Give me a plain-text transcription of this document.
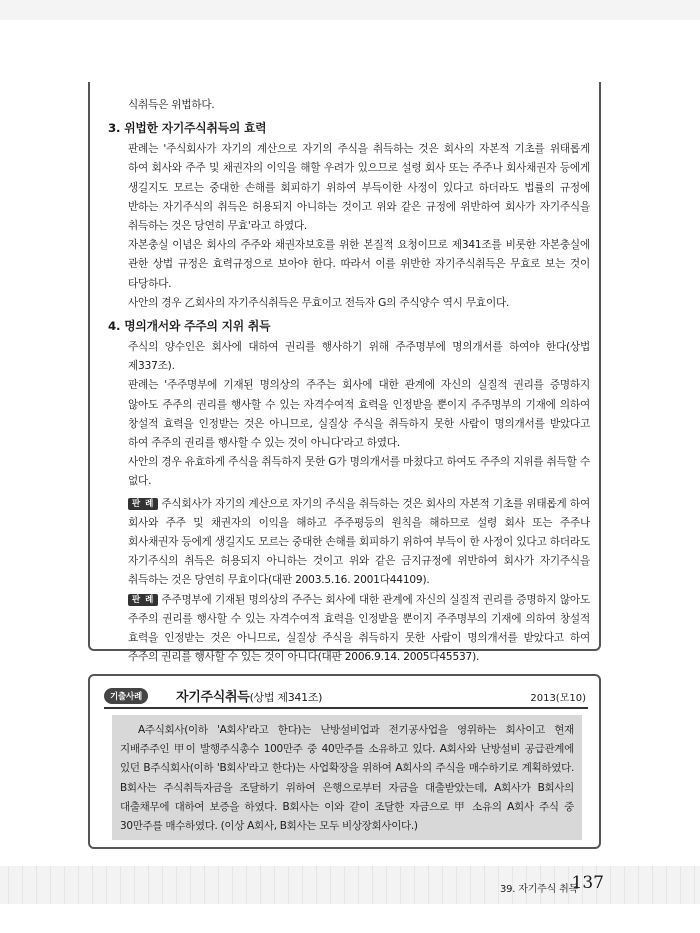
식취득은 위법하다.

3. 위법한 자기주식취득의 효력

판례는 '주식회사가 자기의 계산으로 자기의 주식을 취득하는 것은 회사의 자본적 기초를 위태롭게 하여 회사와 주주 및 채권자의 이익을 해할 우려가 있으므로 설령 회사 또는 주주나 회사채권자 등에게 생길지도 모르는 중대한 손해를 회피하기 위하여 부득이한 사정이 있다고 하더라도 법률의 규정에 반하는 자기주식의 취득은 허용되지 아니하는 것이고 위와 같은 규정에 위반하여 회사가 자기주식을 취득하는 것은 당연히 무효'라고 하였다.

자본충실 이념은 회사의 주주와 채권자보호를 위한 본질적 요청이므로 제341조를 비롯한 자본충실에 관한 상법 규정은 효력규정으로 보아야 한다. 따라서 이를 위반한 자기주식취득은 무효로 보는 것이 타당하다.

사안의 경우 乙회사의 자기주식취득은 무효이고 전득자 G의 주식양수 역시 무효이다.

4. 명의개서와 주주의 지위 취득

주식의 양수인은 회사에 대하여 권리를 행사하기 위해 주주명부에 명의개서를 하여야 한다(상법 제337조).

판례는 '주주명부에 기재된 명의상의 주주는 회사에 대한 관계에 자신의 실질적 권리를 증명하지 않아도 주주의 권리를 행사할 수 있는 자격수여적 효력을 인정받을 뿐이지 주주명부의 기재에 의하여 창설적 효력을 인정받는 것은 아니므로, 실질상 주식을 취득하지 못한 사람이 명의개서를 받았다고 하여 주주의 권리를 행사할 수 있는 것이 아니다'라고 하였다.

사안의 경우 유효하게 주식을 취득하지 못한 G가 명의개서를 마쳤다고 하여도 주주의 지위를 취득할 수 없다.

판 례 주식회사가 자기의 계산으로 자기의 주식을 취득하는 것은 회사의 자본적 기초를 위태롭게 하여 회사와 주주 및 채권자의 이익을 해하고 주주평등의 원칙을 해하므로 설령 회사 또는 주주나 회사채권자 등에게 생길지도 모르는 중대한 손해를 회피하기 위하여 부득이 한 사정이 있다고 하더라도 자기주식의 취득은 허용되지 아니하는 것이고 위와 같은 금지규정에 위반하여 회사가 자기주식을 취득하는 것은 당연히 무효이다(대판 2003.5.16. 2001다44109).

판 례 주주명부에 기재된 명의상의 주주는 회사에 대한 관계에 자신의 실질적 권리를 증명하지 않아도 주주의 권리를 행사할 수 있는 자격수여적 효력을 인정받을 뿐이지 주주명부의 기재에 의하여 창설적 효력을 인정받는 것은 아니므로, 실질상 주식을 취득하지 못한 사람이 명의개서를 받았다고 하여 주주의 권리를 행사할 수 있는 것이 아니다(대판 2006.9.14. 2005다45537).

기출사례	자기주식취득(상법 제341조)	2013(모10)

A주식회사(이하 'A회사'라고 한다)는 난방설비업과 전기공사업을 영위하는 회사이고 현재 지배주주인 甲이 발행주식총수 100만주 중 40만주를 소유하고 있다. A회사와 난방설비 공급관계에 있던 B주식회사(이하 'B회사'라고 한다)는 사업확장을 위하여 A회사의 주식을 매수하기로 계획하였다. B회사는 주식취득자금을 조달하기 위하여 은행으로부터 자금을 대출받았는데, A회사가 B회사의 대출채무에 대하여 보증을 하였다. B회사는 이와 같이 조달한 자금으로 甲 소유의 A회사 주식 중 30만주를 매수하였다. (이상 A회사, B회사는 모두 비상장회사이다.)

39. 자기주식 취득
137
